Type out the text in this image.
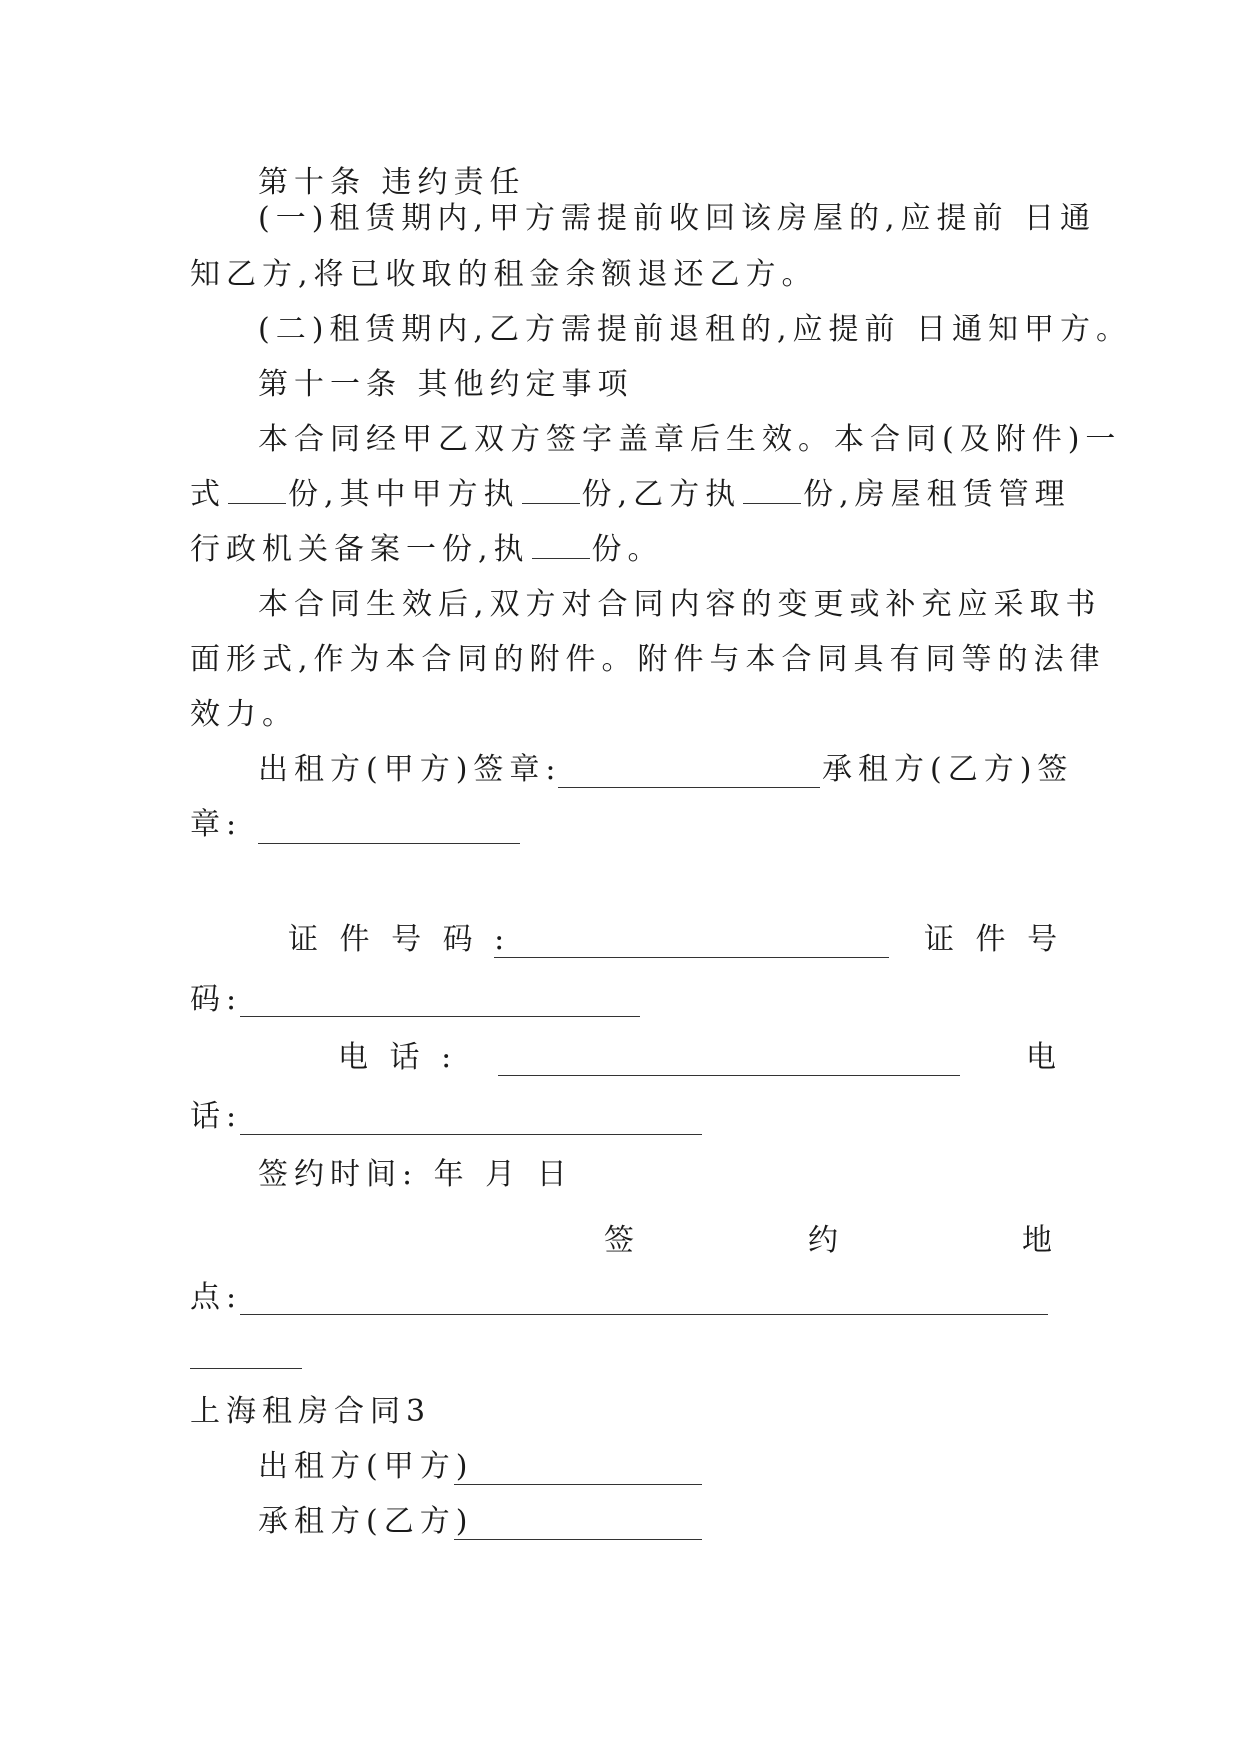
第十条 违约责任
(一)租赁期内,甲方需提前收回该房屋的,应提前 日通
知乙方,将已收取的租金余额退还乙方。
(二)租赁期内,乙方需提前退租的,应提前 日通知甲方。
第十一条 其他约定事项
本合同经甲乙双方签字盖章后生效。本合同(及附件)一
式 份,其中甲方执 份,乙方执 份,房屋租赁管理
行政机关备案一份,执 份。
本合同生效后,双方对合同内容的变更或补充应采取书
面形式,作为本合同的附件。附件与本合同具有同等的法律
效力。
出租方(甲方)签章:	承租方(乙方)签
章:
证 件 号 码 :	证 件 号
码:
电 话 :	电
话:
签约时间: 年 月 日
签	约	地
点:
上海租房合同3
出租方(甲方)
承租方(乙方)
